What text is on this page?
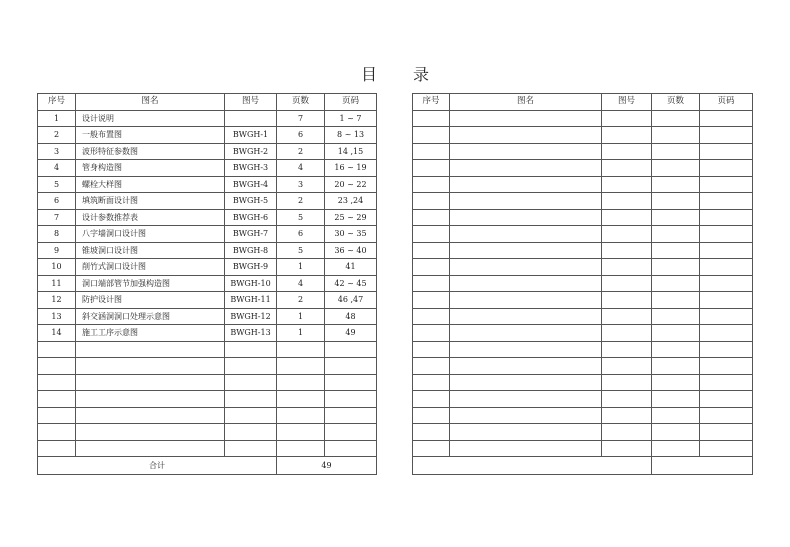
目 录
序号	图名	图号	页数	页码
1	设计说明		7	1 ~ 7
2	一般布置图	BWGH-1	6	8 ~ 13
3	波形特征参数图	BWGH-2	2	14 ,15
4	管身构造图	BWGH-3	4	16 ~ 19
5	螺栓大样图	BWGH-4	3	20 ~ 22
6	填筑断面设计图	BWGH-5	2	23 ,24
7	设计参数推荐表	BWGH-6	5	25 ~ 29
8	八字墙洞口设计图	BWGH-7	6	30 ~ 35
9	锥坡洞口设计图	BWGH-8	5	36 ~ 40
10	削竹式洞口设计图	BWGH-9	1	41
11	洞口端部管节加强构造图	BWGH-10	4	42 ~ 45
12	防护设计图	BWGH-11	2	46 ,47
13	斜交涵洞洞口处理示意图	BWGH-12	1	48
14	施工工序示意图	BWGH-13	1	49

合计			49	
序号	图名	图号	页数	页码
